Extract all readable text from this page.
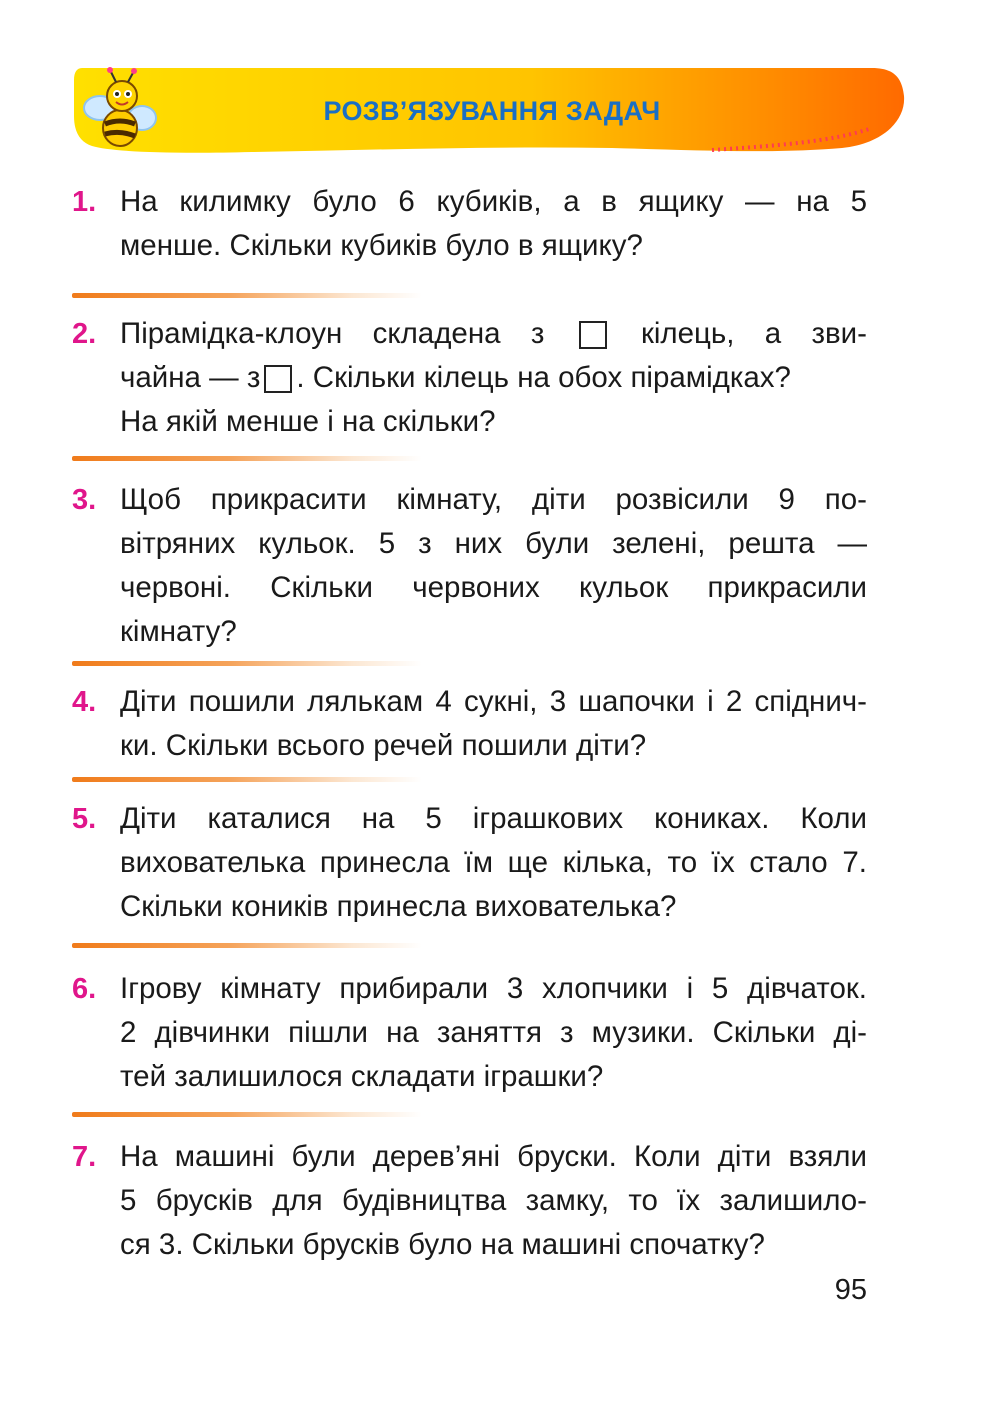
РОЗВ’ЯЗУВАННЯ ЗАДАЧ
1. На килимку було 6 кубиків, а в ящику — на 5
менше. Скільки кубиків було в ящику?
2. Пірамідка-клоун складена з	кілець, а зви-
чайна — з . Скільки кілець на обох пірамідках?
На якій менше і на скільки?
3. Щоб прикрасити кімнату, діти розвісили 9 по-
вітряних кульок. 5 з них були зелені, решта —
червоні. Скільки червоних кульок прикрасили
кімнату?
4. Діти пошили лялькам 4 сукні, 3 шапочки і 2 спіднич-
ки. Скільки всього речей пошили діти?
5. Діти каталися на 5 іграшкових кониках. Коли
вихователька принесла їм ще кілька, то їх стало 7.
Скільки коників принесла вихователька?
6. Ігрову кімнату прибирали 3 хлопчики і 5 дівчаток.
2 дівчинки пішли на заняття з музики. Скільки ді-
тей залишилося складати іграшки?
7. На машині були дерев’яні бруски. Коли діти взяли
5 брусків для будівництва замку, то їх залишило-
ся 3. Скільки брусків було на машині спочатку?
95
